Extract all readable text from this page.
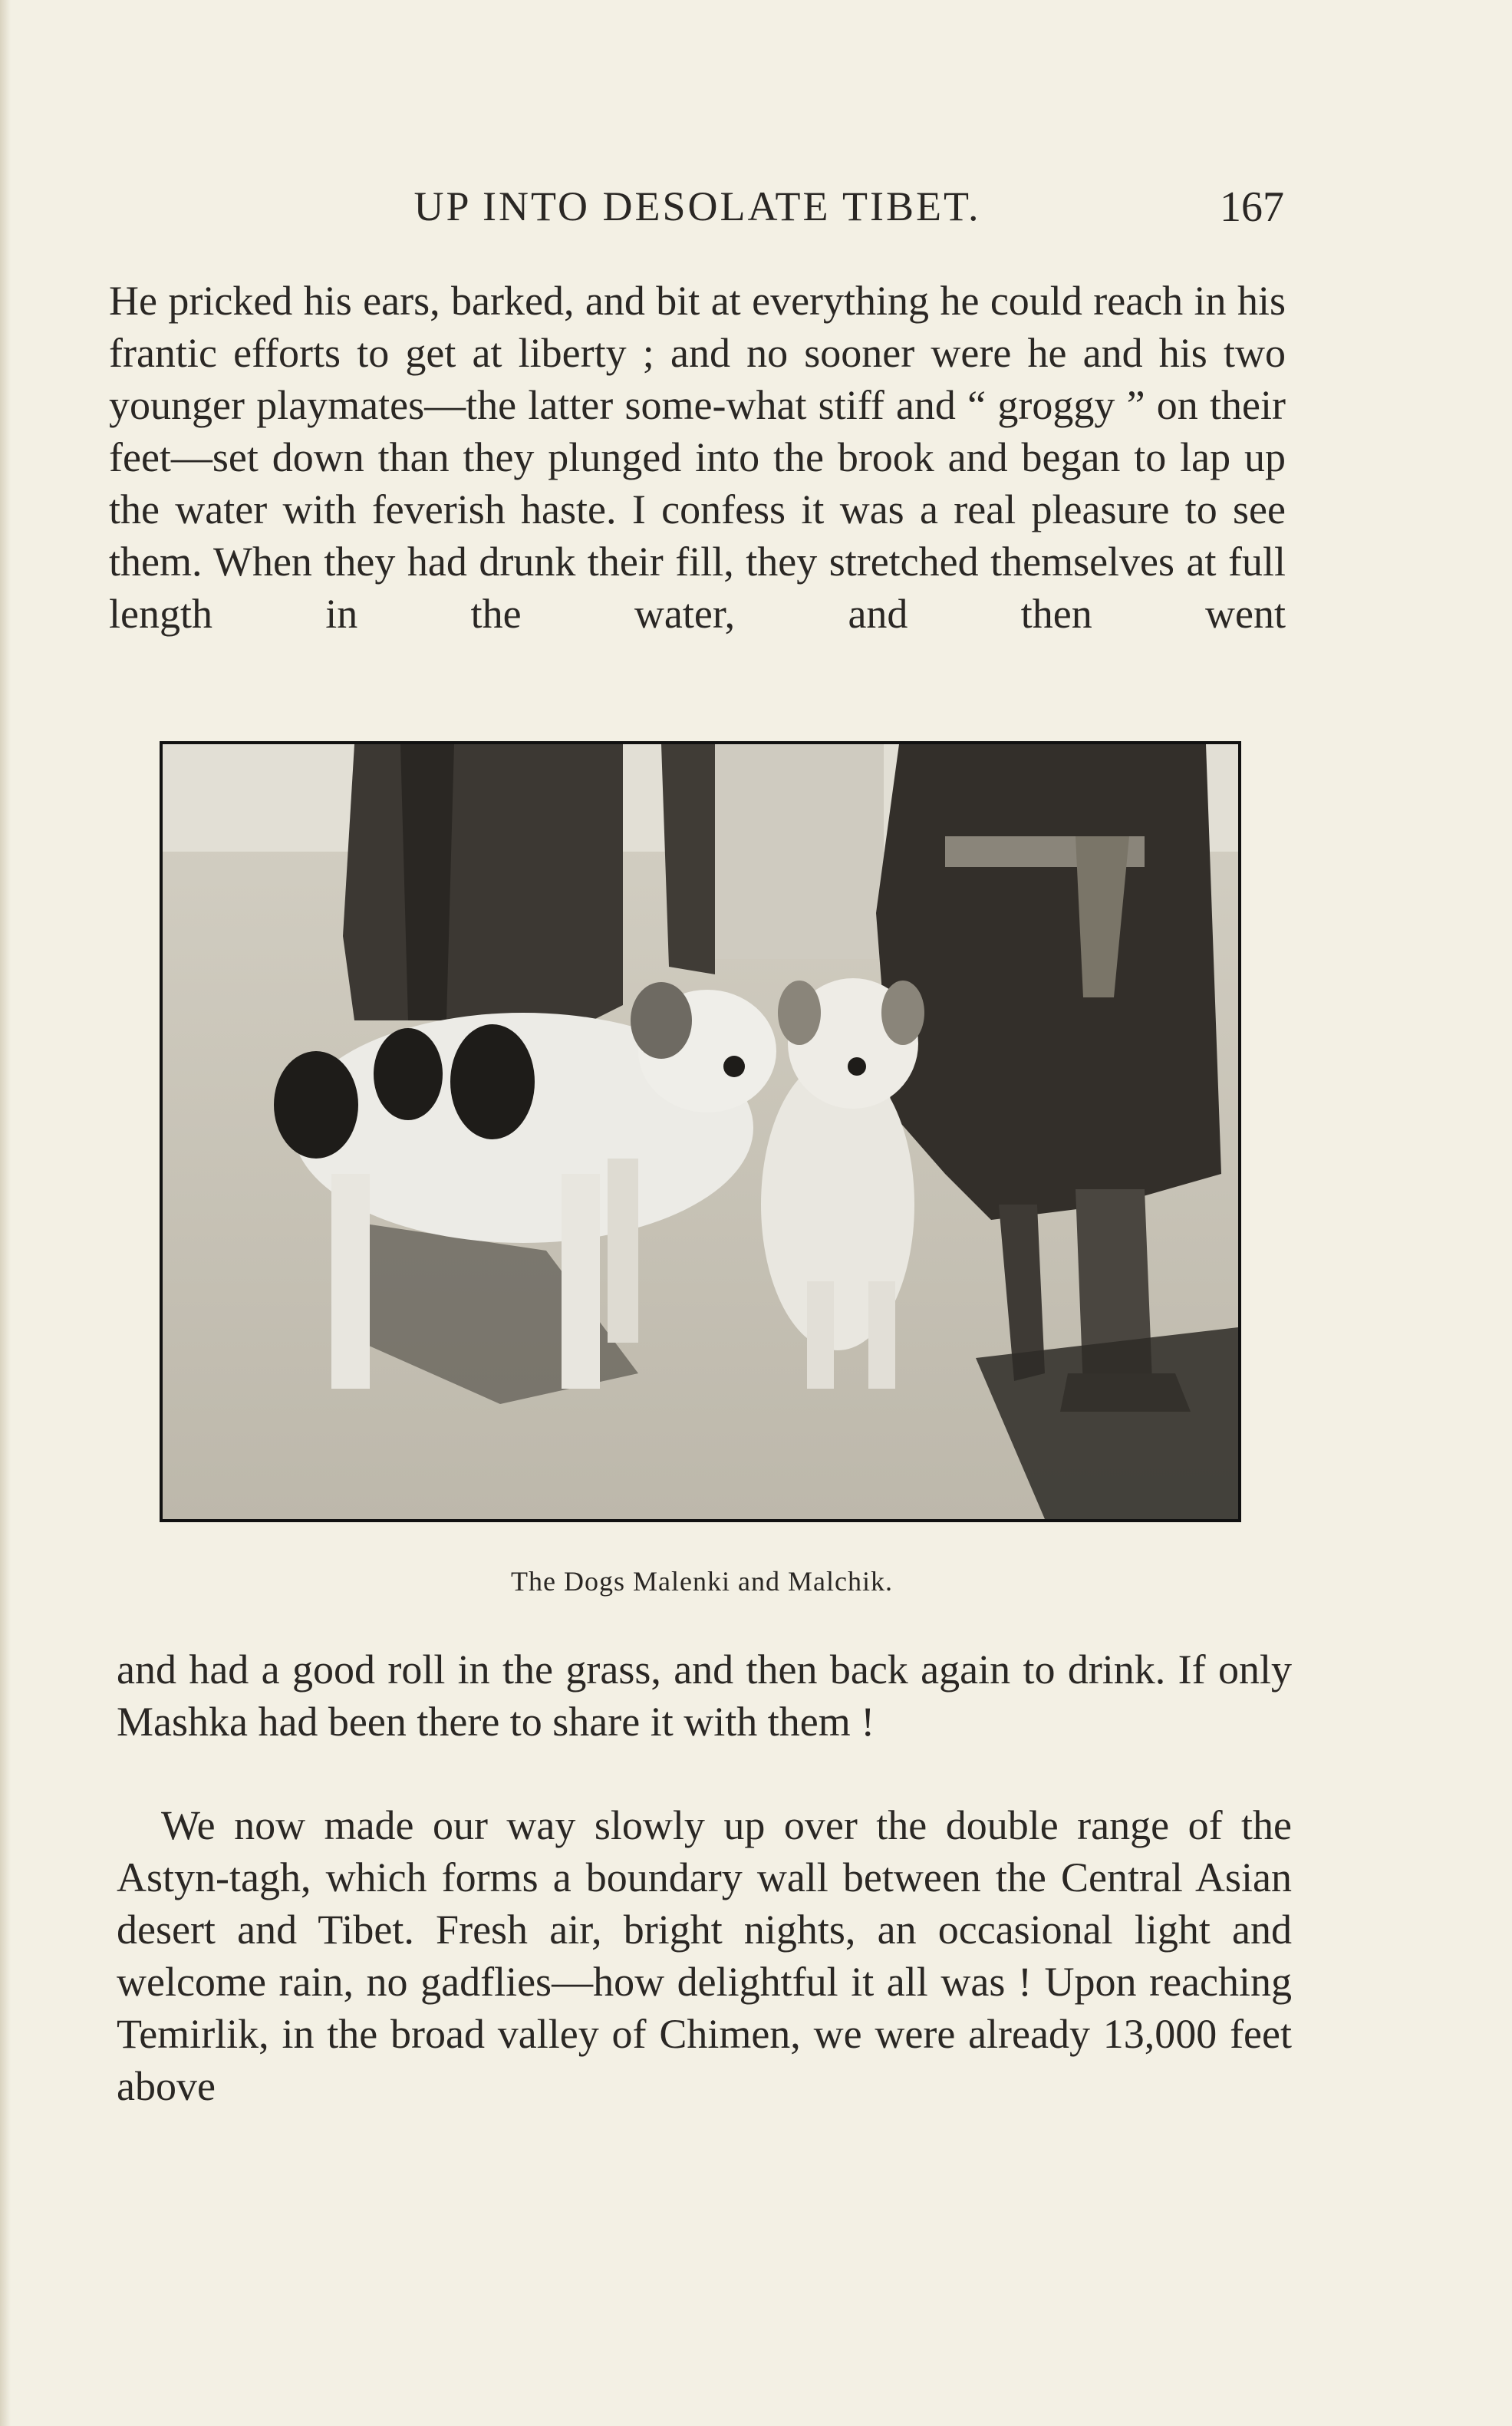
UP INTO DESOLATE TIBET.	167

He pricked his ears, barked, and bit at everything he could reach in his frantic efforts to get at liberty ; and no sooner were he and his two younger playmates—the latter some-what stiff and “ groggy ” on their feet—set down than they plunged into the brook and began to lap up the water with feverish haste. I confess it was a real pleasure to see them. When they had drunk their fill, they stretched themselves at full length in the water, and then went

The Dogs Malenki and Malchik.

and had a good roll in the grass, and then back again to drink. If only Mashka had been there to share it with them !

We now made our way slowly up over the double range of the Astyn-tagh, which forms a boundary wall between the Central Asian desert and Tibet. Fresh air, bright nights, an occasional light and welcome rain, no gadflies—how delightful it all was ! Upon reaching Temirlik, in the broad valley of Chimen, we were already 13,000 feet above
